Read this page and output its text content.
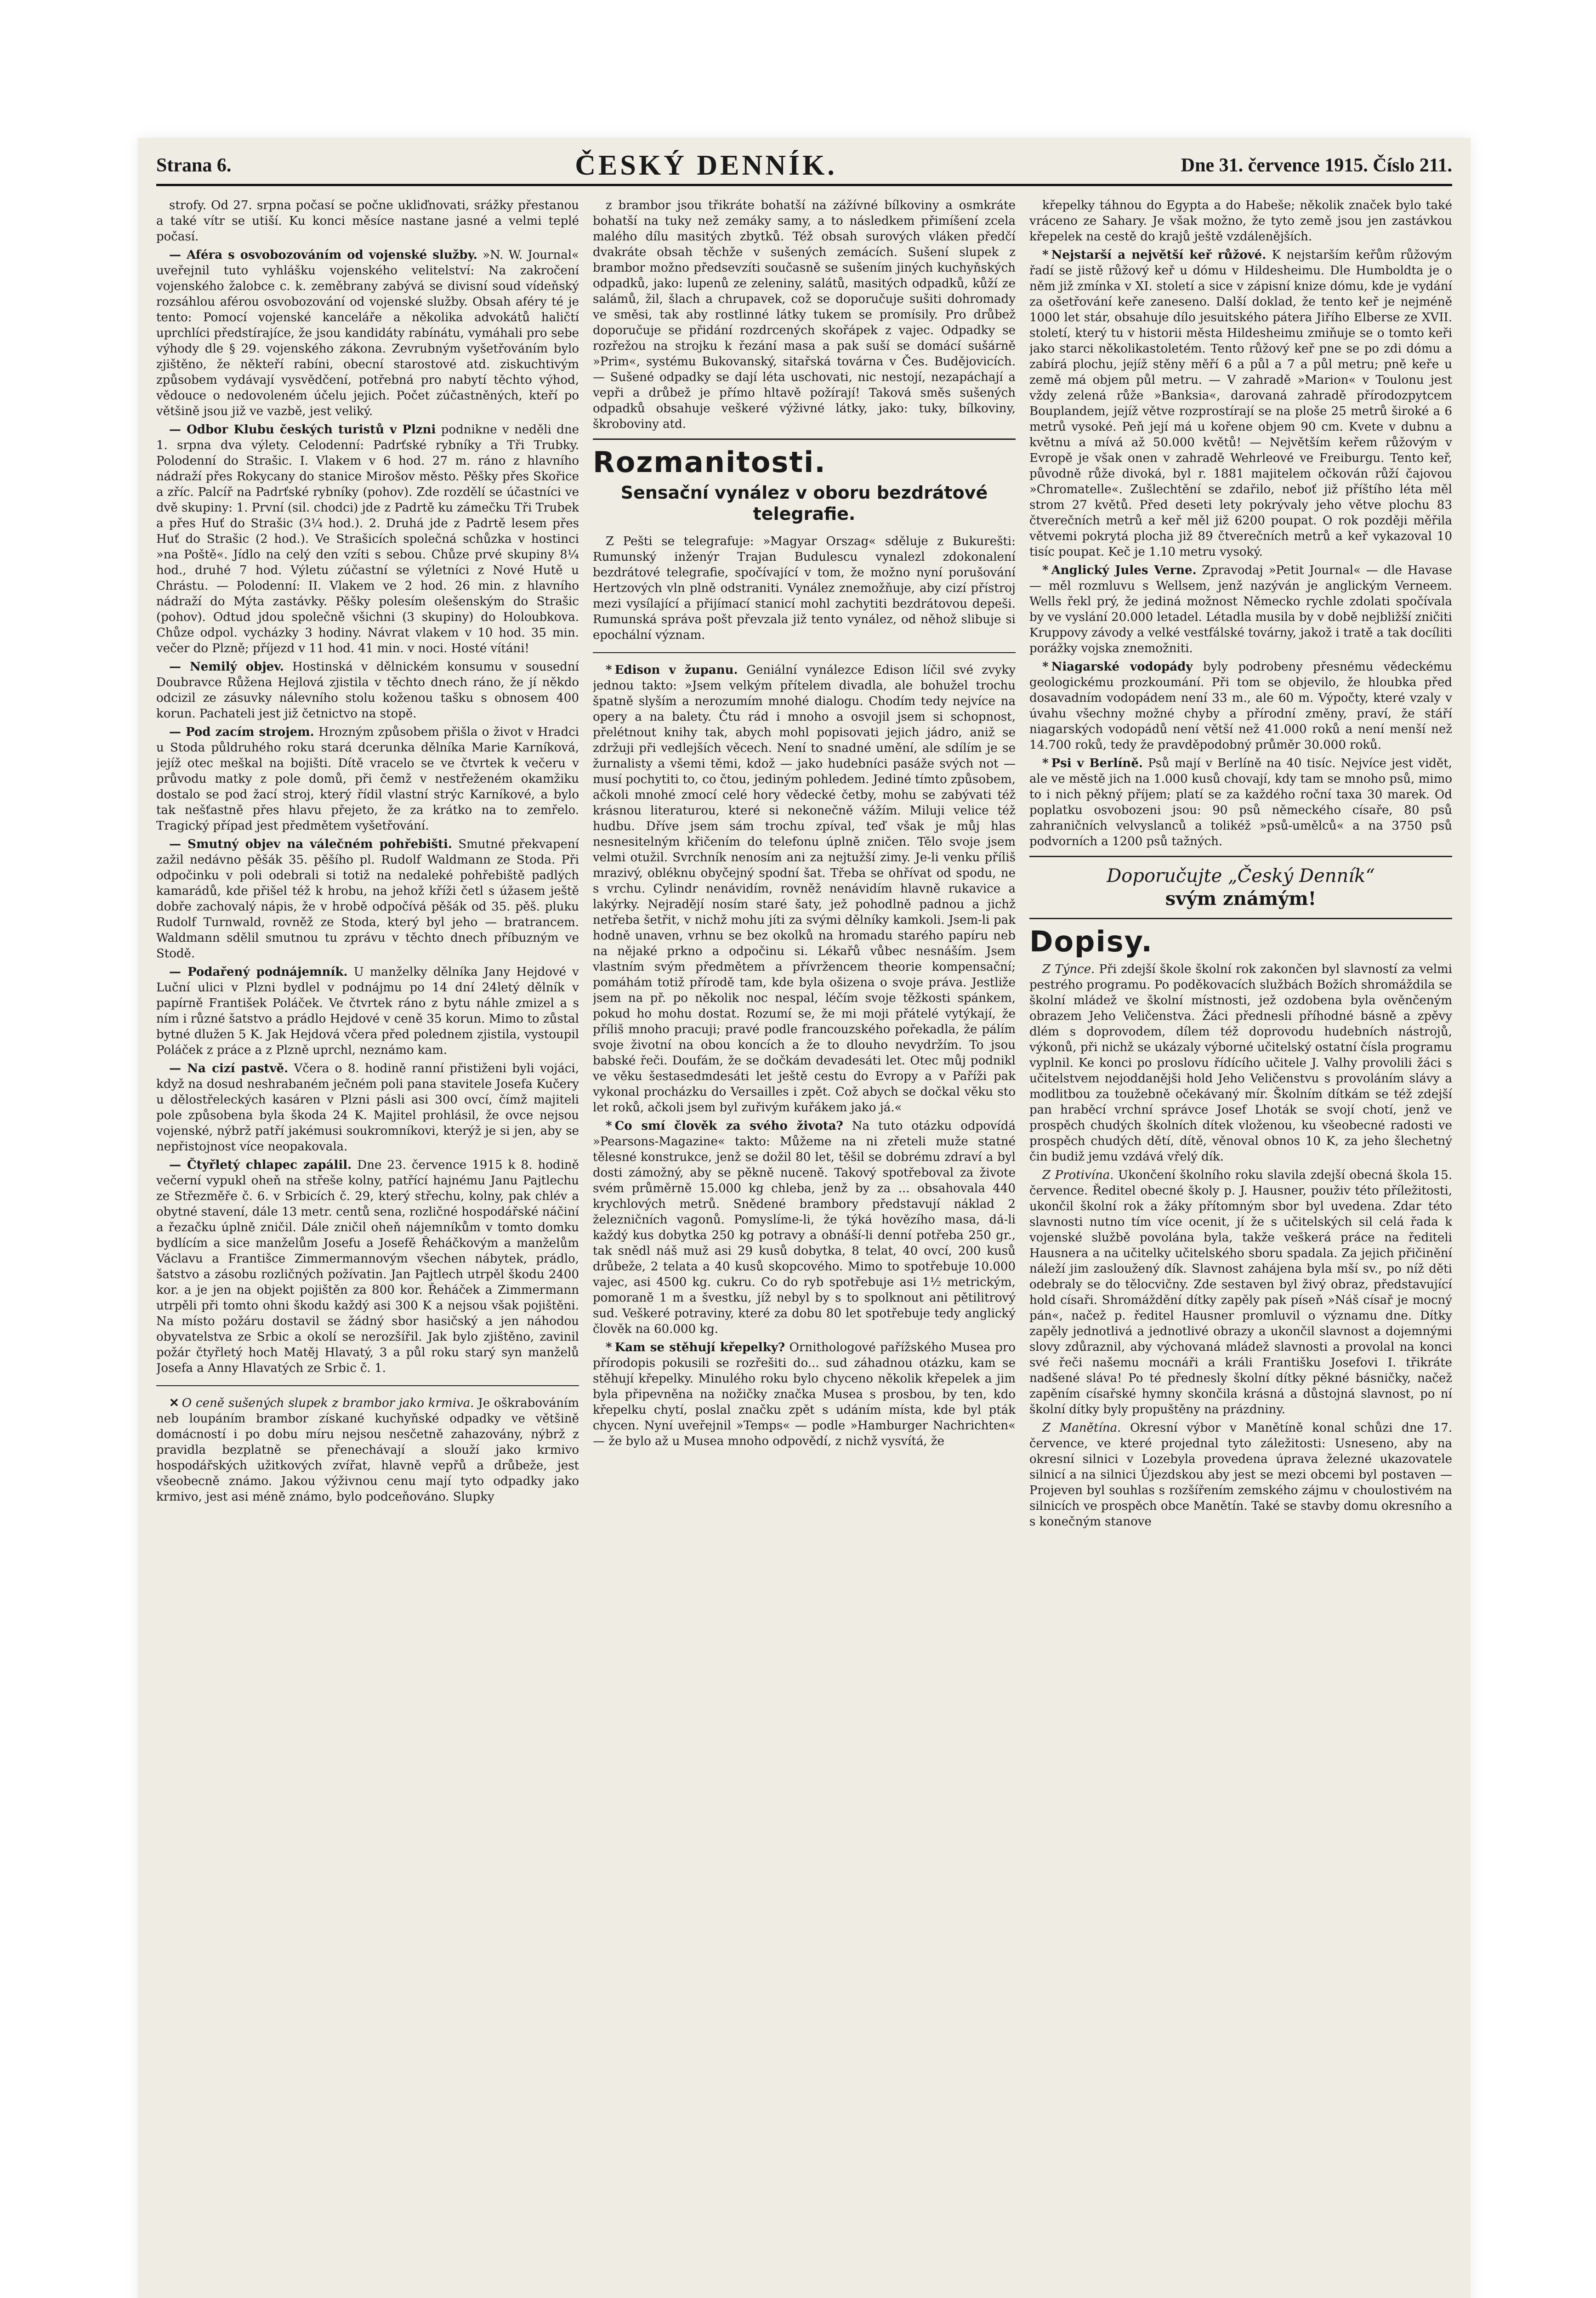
Strana 6.	ČESKÝ DENNÍK.	Dne 31. července 1915. Číslo 211.

strofy. Od 27. srpna počasí se počne ukliďnovati, srážky přestanou a také vítr se utiší. Ku konci měsíce nastane jasné a velmi teplé počasí.

— Aféra s osvobozováním od vojenské služby. »N. W. Journal« uveřejnil tuto vyhlášku vojenského velitelství: Na zakročení vojenského žalobce c. k. zeměbrany zabývá se divisní soud vídeňský rozsáhlou aférou osvobozování od vojenské služby. Obsah aféry té je tento: Pomocí vojenské kanceláře a několika advokátů haličtí uprchlíci předstírajíce, že jsou kandidáty rabínátu, vymáhali pro sebe výhody dle § 29. vojenského zákona. Zevrubným vyšetřováním bylo zjištěno, že někteří rabíni, obecní starostové atd. ziskuchtivým způsobem vydávají vysvědčení, potřebná pro nabytí těchto výhod, vědouce o nedovoleném účelu jejich. Počet zúčastněných, kteří po většině jsou již ve vazbě, jest veliký.

— Odbor Klubu českých turistů v Plzni podnikne v neděli dne 1. srpna dva výlety. Celodenní: Padrťské rybníky a Tři Trubky. Polodenní do Strašic. I. Vlakem v 6 hod. 27 m. ráno z hlavního nádraží přes Rokycany do stanice Mirošov město. Pěšky přes Skořice a zříc. Palcíř na Padrťské rybníky (pohov). Zde rozdělí se účastníci ve dvě skupiny: 1. První (sil. chodci) jde z Padrtě ku zámečku Tři Trubek a přes Huť do Strašic (3¼ hod.). 2. Druhá jde z Padrtě lesem přes Huť do Strašic (2 hod.). Ve Strašicích společná schůzka v hostinci »na Poště«. Jídlo na celý den vzíti s sebou. Chůze prvé skupiny 8¼ hod., druhé 7 hod. Výletu zúčastní se výletníci z Nové Hutě u Chrástu. — Polodenní: II. Vlakem ve 2 hod. 26 min. z hlavního nádraží do Mýta zastávky. Pěšky polesím olešenským do Strašic (pohov). Odtud jdou společně všichni (3 skupiny) do Holoubkova. Chůze odpol. vycházky 3 hodiny. Návrat vlakem v 10 hod. 35 min. večer do Plzně; příjezd v 11 hod. 41 min. v noci. Hosté vítáni!

— Nemilý objev. Hostinská v dělnickém konsumu v sousední Doubravce Růžena Hejlová zjistila v těchto dnech ráno, že jí někdo odcizil ze zásuvky nálevního stolu koženou tašku s obnosem 400 korun. Pachateli jest již četnictvo na stopě.

— Pod zacím strojem. Hrozným způsobem přišla o život v Hradci u Stoda půldruhého roku stará dcerunka dělníka Marie Karníková, jejíž otec meškal na bojišti. Dítě vracelo se ve čtvrtek k večeru v průvodu matky z pole domů, při čemž v nestřeženém okamžiku dostalo se pod žací stroj, který řídil vlastní strýc Karníkové, a bylo tak nešťastně přes hlavu přejeto, že za krátko na to zemřelo. Tragický případ jest předmětem vyšetřování.

— Smutný objev na válečném pohřebišti. Smutné překvapení zažil nedávno pěšák 35. pěšího pl. Rudolf Waldmann ze Stoda. Při odpočinku v poli odebrali si totiž na nedaleké pohřebiště padlých kamarádů, kde přišel též k hrobu, na jehož kříži četl s úžasem ještě dobře zachovalý nápis, že v hrobě odpočívá pěšák od 35. pěš. pluku Rudolf Turnwald, rovněž ze Stoda, který byl jeho — bratrancem. Waldmann sdělil smutnou tu zprávu v těchto dnech příbuzným ve Stodě.

— Podařený podnájemník. U manželky dělníka Jany Hejdové v Luční ulici v Plzni bydlel v podnájmu po 14 dní 24letý dělník v papírně František Poláček. Ve čtvrtek ráno z bytu náhle zmizel a s ním i různé šatstvo a prádlo Hejdové v ceně 35 korun. Mimo to zůstal bytné dlužen 5 K. Jak Hejdová včera před polednem zjistila, vystoupil Poláček z práce a z Plzně uprchl, neznámo kam.

— Na cizí pastvě. Včera o 8. hodině ranní přistiženi byli vojáci, když na dosud neshrabaném ječném poli pana stavitele Josefa Kučery u dělostřeleckých kasáren v Plzni pásli asi 300 ovcí, čímž majiteli pole způsobena byla škoda 24 K. Majitel prohlásil, že ovce nejsou vojenské, nýbrž patří jakémusi soukromníkovi, kterýž je si jen, aby se nepřistojnost více neopakovala.

— Čtyřletý chlapec zapálil. Dne 23. července 1915 k 8. hodině večerní vypukl oheň na střeše kolny, patřící hajnému Janu Pajtlechu ze Střezměře č. 6. v Srbicích č. 29, který střechu, kolny, pak chlév a obytné stavení, dále 13 metr. centů sena, rozličné hospodářské náčiní a řezačku úplně zničil. Dále zničil oheň nájemníkům v tomto domku bydlícím a sice manželům Josefu a Josefě Řeháčkovým a manželům Václavu a Františce Zimmermannovým všechen nábytek, prádlo, šatstvo a zásobu rozličných požívatin. Jan Pajtlech utrpěl škodu 2400 kor. a je jen na objekt pojištěn za 800 kor. Řeháček a Zimmermann utrpěli při tomto ohni škodu každý asi 300 K a nejsou však pojištěni. Na místo požáru dostavil se žádný sbor hasičský a jen náhodou obyvatelstva ze Srbic a okolí se nerozšířil. Jak bylo zjištěno, zavinil požár čtyřletý hoch Matěj Hlavatý, 3 a půl roku starý syn manželů Josefa a Anny Hlavatých ze Srbic č. 1.

✕ O ceně sušených slupek z brambor jako krmiva. Je oškrabováním neb loupáním brambor získané kuchyňské odpadky ve většině domácností i po dobu míru nejsou nesčetně zahazovány, nýbrž z pravidla bezplatně se přenechávají a slouží jako krmivo hospodářských užitkových zvířat, hlavně vepřů a drůbeže, jest všeobecně známo. Jakou výživnou cenu mají tyto odpadky jako krmivo, jest asi méně známo, bylo podceňováno. Slupky

z brambor jsou třikráte bohatší na zážívné bílkoviny a osmkráte bohatší na tuky než zemáky samy, a to následkem přimíšení zcela malého dílu masitých zbytků. Též obsah surových vláken předčí dvakráte obsah těchže v sušených zemácích. Sušení slupek z brambor možno předsevzíti současně se sušením jiných kuchyňských odpadků, jako: lupenů ze zeleniny, salátů, masitých odpadků, kůží ze salámů, žil, šlach a chrupavek, což se doporučuje sušiti dohromady ve směsi, tak aby rostlinné látky tukem se promísily. Pro drůbež doporučuje se přidání rozdrcených skořápek z vajec. Odpadky se rozřežou na strojku k řezání masa a pak suší se domácí sušárně »Prim«, systému Bukovanský, sitařská továrna v Čes. Budějovicích. — Sušené odpadky se dají léta uschovati, nic nestojí, nezapáchají a vepři a drůbež je přímo hltavě požírají! Taková směs sušených odpadků obsahuje veškeré výživné látky, jako: tuky, bílkoviny, škroboviny atd.

Rozmanitosti.
Sensační vynález v oboru bezdrátové telegrafie.

Z Pešti se telegrafuje: »Magyar Orszag« sděluje z Bukurešti: Rumunský inženýr Trajan Budulescu vynalezl zdokonalení bezdrátové telegrafie, spočívající v tom, že možno nyní porušování Hertzových vln plně odstraniti. Vynález znemožňuje, aby cizí přístroj mezi vysílající a přijímací stanicí mohl zachytiti bezdrátovou depeši. Rumunská správa pošt převzala již tento vynález, od něhož slibuje si epochální význam.

* Edison v županu. Geniální vynálezce Edison líčil své zvyky jednou takto: »Jsem velkým přítelem divadla, ale bohužel trochu špatně slyším a nerozumím mnohé dialogu. Chodím tedy nejvíce na opery a na balety. Čtu rád i mnoho a osvojil jsem si schopnost, přelétnout knihy tak, abych mohl popisovati jejich jádro, aniž se zdržuji při vedlejších věcech. Není to snadné umění, ale sdílím je se žurnalisty a všemi těmi, kdož — jako hudebníci pasáže svých not — musí pochytiti to, co čtou, jediným pohledem. Jediné tímto způsobem, ačkoli mnohé zmocí celé hory vědecké četby, mohu se zabývati též krásnou literaturou, které si nekonečně vážím. Miluji velice též hudbu. Dříve jsem sám trochu zpíval, teď však je můj hlas nesnesitelným křičením do telefonu úplně zničen. Tělo svoje jsem velmi otužil. Svrchník nenosím ani za nejtužší zimy. Je-li venku příliš mrazivý, obléknu obyčejný spodní šat. Třeba se ohřívat od spodu, ne s vrchu. Cylindr nenávidím, rovněž nenávidím hlavně rukavice a lakýrky. Nejradějí nosím staré šaty, jež pohodlně padnou a jichž netřeba šetřit, v nichž mohu jíti za svými dělníky kamkoli. Jsem-li pak hodně unaven, vrhnu se bez okolků na hromadu starého papíru neb na nějaké prkno a odpočinu si. Lékařů vůbec nesnáším. Jsem vlastním svým předmětem a přívržencem theorie kompensační; pomáhám totiž přírodě tam, kde byla ošizena o svoje práva. Jestliže jsem na př. po několik noc nespal, léčím svoje těžkosti spánkem, pokud ho mohu dostat. Rozumí se, že mi moji přátelé vytýkají, že příliš mnoho pracuji; pravé podle francouzského pořekadla, že pálím svoje životní na obou koncích a že to dlouho nevydržím. To jsou babské řeči. Doufám, že se dočkám devadesáti let. Otec můj podnikl ve věku šestasedmdesáti let ještě cestu do Evropy a v Paříži pak vykonal procházku do Versailles i zpět. Což abych se dočkal věku sto let roků, ačkoli jsem byl zuřivým kuřákem jako já.«

* Co smí člověk za svého života? Na tuto otázku odpovídá »Pearsons-Magazine« takto: Můžeme na ni zřeteli muže statné tělesné konstrukce, jenž se dožil 80 let, těšil se dobrému zdraví a byl dosti zámožný, aby se pěkně nuceně. Takový spotřeboval za živote svém průměrně 15.000 kg chleba, jenž by za ... obsahovala 440 krychlových metrů. Snědené brambory představují náklad 2 železničních vagonů. Pomyslíme-li, že týká hovězího masa, dá-li každý kus dobytka 250 kg potravy a obnáší-li denní potřeba 250 gr., tak snědl náš muž asi 29 kusů dobytka, 8 telat, 40 ovcí, 200 kusů drůbeže, 2 telata a 40 kusů skopcového. Mimo to spotřebuje 10.000 vajec, asi 4500 kg. cukru. Co do ryb spotřebuje asi 1½ metrickým, pomoraně 1 m a švestku, jíž nebyl by s to spolknout ani pětilitrový sud. Veškeré potraviny, které za dobu 80 let spotřebuje tedy anglický člověk na 60.000 kg.

* Kam se stěhují křepelky? Ornithologové pařížského Musea pro přírodopis pokusili se rozřešiti do... sud záhadnou otázku, kam se stěhují křepelky. Minulého roku bylo chyceno několik křepelek a jim byla připevněna na nožičky značka Musea s prosbou, by ten, kdo křepelku chytí, poslal značku zpět s udáním místa, kde byl pták chycen. Nyní uveřejnil »Temps« — podle »Hamburger Nachrichten« — že bylo až u Musea mnoho odpovědí, z nichž vysvítá, že

křepelky táhnou do Egypta a do Habeše; několik značek bylo také vráceno ze Sahary. Je však možno, že tyto země jsou jen zastávkou křepelek na cestě do krajů ještě vzdálenějších.

* Nejstarší a největší keř růžové. K nejstarším keřům růžovým řadí se jistě růžový keř u dómu v Hildesheimu. Dle Humboldta je o něm již zmínka v XI. století a sice v zápisní knize dómu, kde je vydání za ošetřování keře zaneseno. Další doklad, že tento keř je nejméně 1000 let stár, obsahuje dílo jesuitského pátera Jiřího Elberse ze XVII. století, který tu v historii města Hildesheimu zmiňuje se o tomto keři jako starci několikastoletém. Tento růžový keř pne se po zdi dómu a zabírá plochu, jejíž stěny měří 6 a půl a 7 a půl metru; pně keře u země má objem půl metru. — V zahradě »Marion« v Toulonu jest vždy zelená růže »Banksia«, darovaná zahradě přírodozpytcem Bouplandem, jejíž větve rozprostírají se na ploše 25 metrů široké a 6 metrů vysoké. Peň její má u kořene objem 90 cm. Kvete v dubnu a květnu a mívá až 50.000 květů! — Největším keřem růžovým v Evropě je však onen v zahradě Wehrleové ve Freiburgu. Tento keř, původně růže divoká, byl r. 1881 majitelem očkován růží čajovou »Chromatelle«. Zušlechtění se zdařilo, neboť již příštího léta měl strom 27 květů. Před deseti lety pokrývaly jeho větve plochu 83 čtverečních metrů a keř měl již 6200 poupat. O rok později měřila větvemi pokrytá plocha již 89 čtverečních metrů a keř vykazoval 10 tisíc poupat. Keč je 1.10 metru vysoký.

* Anglický Jules Verne. Zpravodaj »Petit Journal« — dle Havase — měl rozmluvu s Wellsem, jenž nazýván je anglickým Verneem. Wells řekl prý, že jediná možnost Německo rychle zdolati spočívala by ve vyslání 20.000 letadel. Létadla musila by v době nejbližší zničiti Kruppovy závody a velké vestfálské továrny, jakož i tratě a tak docíliti porážky vojska znemožniti.

* Niagarské vodopády byly podrobeny přesnému vědeckému geologickému prozkoumání. Při tom se objevilo, že hloubka před dosavadním vodopádem není 33 m., ale 60 m. Výpočty, které vzaly v úvahu všechny možné chyby a přírodní změny, praví, že stáří niagarských vodopádů není větší než 41.000 roků a není menší než 14.700 roků, tedy že pravděpodobný průměr 30.000 roků.

* Psi v Berlíně. Psů mají v Berlíně na 40 tisíc. Nejvíce jest vidět, ale ve městě jich na 1.000 kusů chovají, kdy tam se mnoho psů, mimo to i nich pěkný příjem; platí se za každého roční taxa 30 marek. Od poplatku osvobozeni jsou: 90 psů německého císaře, 80 psů zahraničních velvyslanců a tolikéž »psů-umělců« a na 3750 psů podvorních a 1200 psů tažných.

Doporučujte „Český Denník“
svým známým!
Dopisy.

Z Týnce. Při zdejší škole školní rok zakončen byl slavností za velmi pestrého programu. Po poděkovacích službách Božích shromáždila se školní mládež ve školní místnosti, jež ozdobena byla ověnčeným obrazem Jeho Veličenstva. Žáci přednesli příhodné básně a zpěvy dlém s doprovodem, dílem též doprovodu hudebních nástrojů, výkonů, při nichž se ukázaly výborné učitelský ostatní čísla programu vyplnil. Ke konci po proslovu řídícího učitele J. Valhy provolili žáci s učitelstvem nejoddanějši hold Jeho Veličenstvu s provoláním slávy a modlitbou za toužebně očekávaný mír. Školním dítkám se též zdejší pan hraběcí vrchní správce Josef Lhoták se svojí chotí, jenž ve prospěch chudých školních dítek vloženou, ku všeobecné radosti ve prospěch chudých dětí, dítě, věnoval obnos 10 K, za jeho šlechetný čin budiž jemu vzdává vřelý dík.

Z Protivína. Ukončení školního roku slavila zdejší obecná škola 15. července. Ředitel obecné školy p. J. Hausner, použiv této příležitosti, ukončil školní rok a žáky přítomným sbor byl uvedena. Zdar této slavnosti nutno tím více ocenit, jí že s učitelských sil celá řada k vojenské službě povolána byla, takže veškerá práce na řediteli Hausnera a na učitelky učitelského sboru spadala. Za jejich přičinění náleží jim zasloužený dík. Slavnost zahájena byla mší sv., po níž děti odebraly se do tělocvičny. Zde sestaven byl živý obraz, představující hold císaři. Shromáždění dítky zapěly pak píseň »Náš císař je mocný pán«, načež p. ředitel Hausner promluvil o významu dne. Dítky zapěly jednotlivá a jednotlivé obrazy a ukončil slavnost a dojemnými slovy zdůraznil, aby výchovaná mládež slavnosti a provolal na konci své řeči našemu mocnáři a králi Františku Josefovi I. třikráte nadšené sláva! Po té přednesly školní dítky pěkné básničky, načež zapěním císařské hymny skončila krásná a důstojná slavnost, po ní školní dítky byly propuštěny na prázdniny.

Z Manětína. Okresní výbor v Manětíně konal schůzi dne 17. července, ve které projednal tyto záležitosti: Usneseno, aby na okresní silnici v Lozebyla provedena úprava železné ukazovatele silnicí a na silnici Újezdskou aby jest se mezi obcemi byl postaven — Projeven byl souhlas s rozšířením zemského zájmu v choulostivém na silnicích ve prospěch obce Manětín. Také se stavby domu okresního a s konečným stanove
